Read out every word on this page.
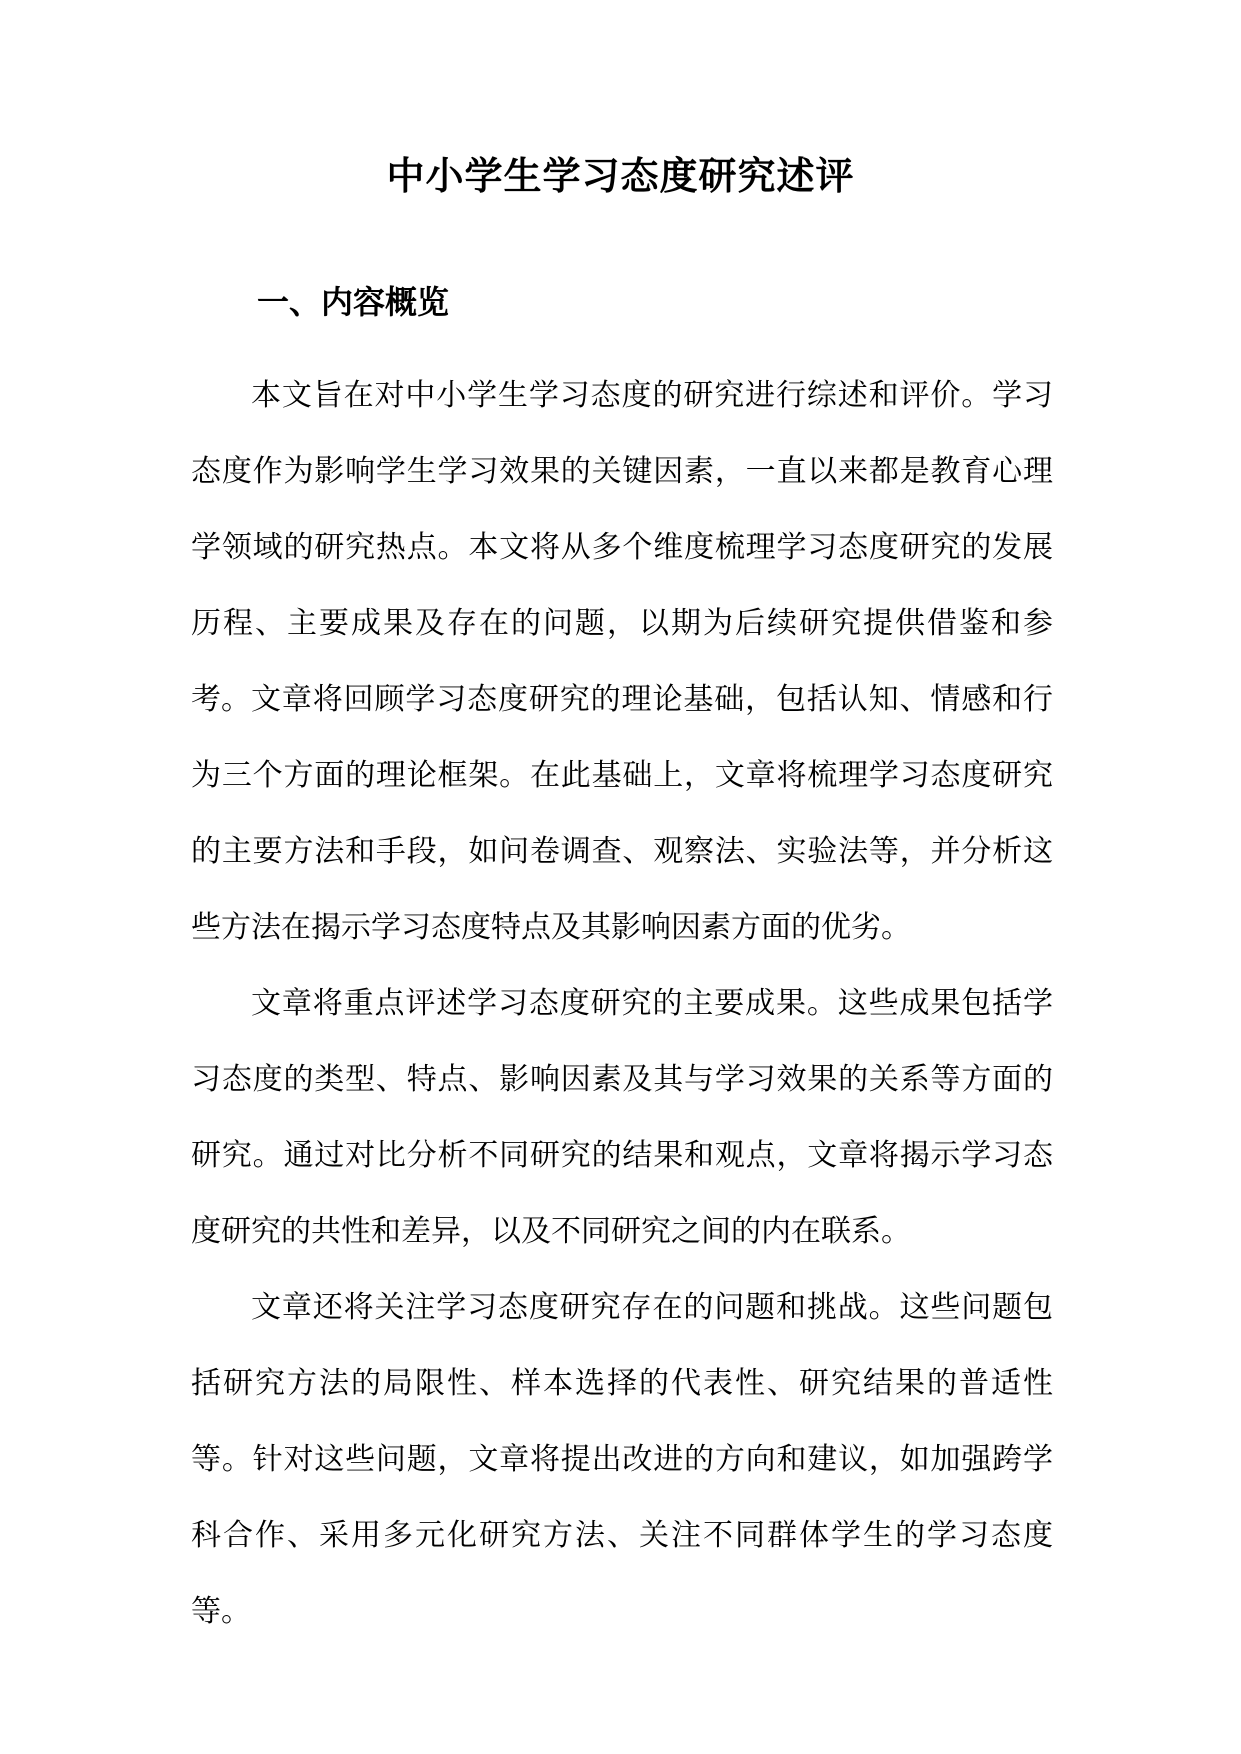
中小学生学习态度研究述评
一、内容概览

本文旨在对中小学生学习态度的研究进行综述和评价。学习态度作为影响学生学习效果的关键因素，一直以来都是教育心理学领域的研究热点。本文将从多个维度梳理学习态度研究的发展历程、主要成果及存在的问题，以期为后续研究提供借鉴和参考。 文章将回顾学习态度研究的理论基础，包括认知、情感和行为三个方面的理论框架。在此基础上，文章将梳理学习态度研究的主要方法和手段，如问卷调查、观察法、实验法等，并分析这些方法在揭示学习态度特点及其影响因素方面的优劣。

文章将重点评述学习态度研究的主要成果。这些成果包括学习态度的类型、特点、影响因素及其与学习效果的关系等方面的研究。通过对比分析不同研究的结果和观点，文章将揭示学习态度研究的共性和差异，以及不同研究之间的内在联系。

文章还将关注学习态度研究存在的问题和挑战。这些问题包括研究方法的局限性、样本选择的代表性、研究结果的普适性等。针对这些问题，文章将提出改进的方向和建议，如加强跨学科合作、采用多元化研究方法、关注不同群体学生的学习态度等。
